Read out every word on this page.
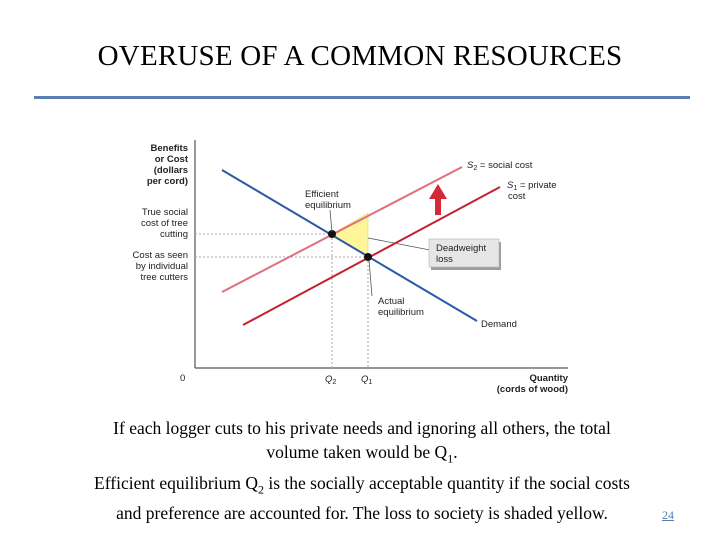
OVERUSE OF A COMMON RESOURCES
Deadweight
loss
Benefits
or Cost
(dollars
per cord)
True social
cost of tree
cutting
Cost as seen
by individual
tree cutters
Efficient
equilibrium
Actual
equilibrium
$S_2$ = social cost
$S_1$ = private
cost
Demand
0	$Q_2$	$Q_1$	Quantity
(cords of wood)
If each logger cuts to his private needs and ignoring all others, the total
volume taken would be $Q_1$.
Efficient equilibrium $Q_2$ is the socially acceptable quantity if the social costs
and preference are accounted for. The loss to society is shaded yellow.	24
